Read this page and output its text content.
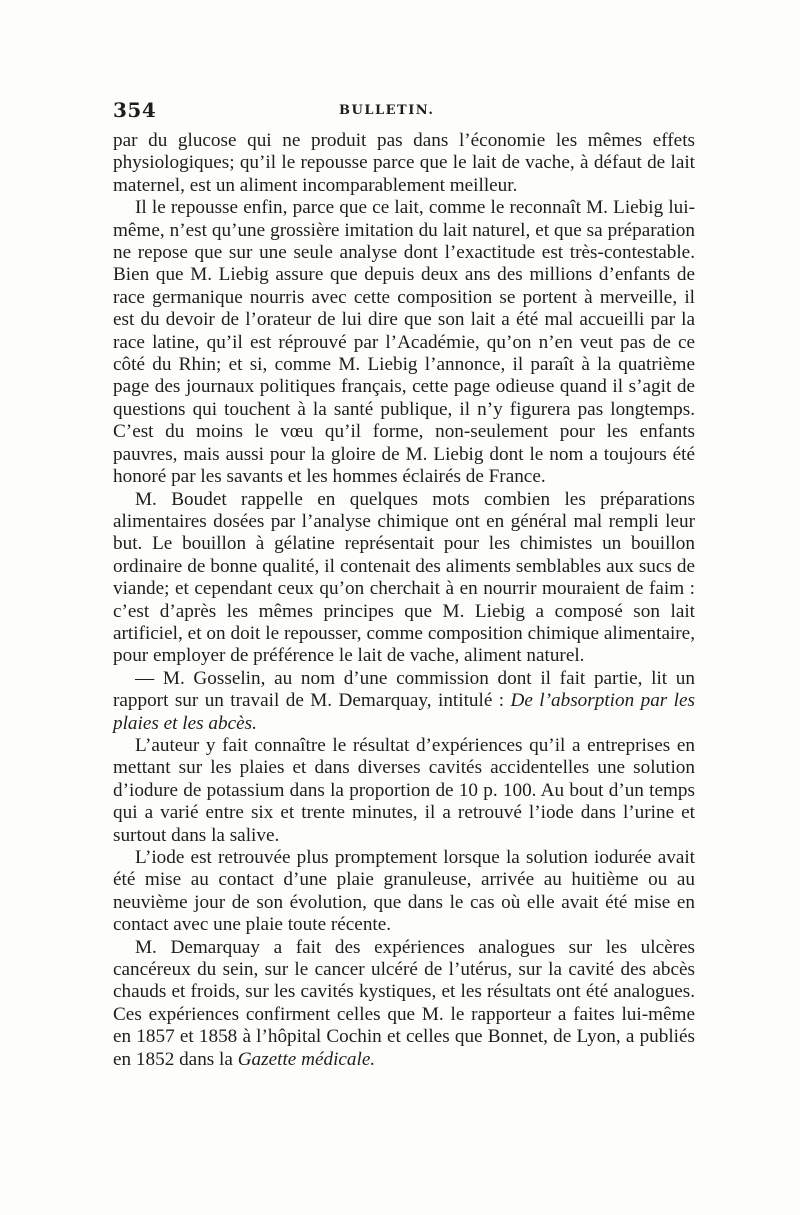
354	BULLETIN.

par du glucose qui ne produit pas dans l’économie les mêmes effets physiologiques; qu’il le repousse parce que le lait de vache, à défaut de lait maternel, est un aliment incomparablement meilleur.

Il le repousse enfin, parce que ce lait, comme le reconnaît M. Liebig lui-même, n’est qu’une grossière imitation du lait naturel, et que sa préparation ne repose que sur une seule analyse dont l’exactitude est très-contestable. Bien que M. Liebig assure que depuis deux ans des millions d’enfants de race germanique nourris avec cette composition se portent à merveille, il est du devoir de l’orateur de lui dire que son lait a été mal accueilli par la race latine, qu’il est réprouvé par l’Académie, qu’on n’en veut pas de ce côté du Rhin; et si, comme M. Liebig l’annonce, il paraît à la quatrième page des journaux politiques français, cette page odieuse quand il s’agit de questions qui touchent à la santé publique, il n’y figurera pas longtemps. C’est du moins le vœu qu’il forme, non-seulement pour les enfants pauvres, mais aussi pour la gloire de M. Liebig dont le nom a toujours été honoré par les savants et les hommes éclairés de France.

M. Boudet rappelle en quelques mots combien les préparations alimentaires dosées par l’analyse chimique ont en général mal rempli leur but. Le bouillon à gélatine représentait pour les chimistes un bouillon ordinaire de bonne qualité, il contenait des aliments semblables aux sucs de viande; et cependant ceux qu’on cherchait à en nourrir mouraient de faim : c’est d’après les mêmes principes que M. Liebig a composé son lait artificiel, et on doit le repousser, comme composition chimique alimentaire, pour employer de préférence le lait de vache, aliment naturel.

— M. Gosselin, au nom d’une commission dont il fait partie, lit un rapport sur un travail de M. Demarquay, intitulé : De l’absorption par les plaies et les abcès.

L’auteur y fait connaître le résultat d’expériences qu’il a entreprises en mettant sur les plaies et dans diverses cavités accidentelles une solution d’iodure de potassium dans la proportion de 10 p. 100. Au bout d’un temps qui a varié entre six et trente minutes, il a retrouvé l’iode dans l’urine et surtout dans la salive.

L’iode est retrouvée plus promptement lorsque la solution iodurée avait été mise au contact d’une plaie granuleuse, arrivée au huitième ou au neuvième jour de son évolution, que dans le cas où elle avait été mise en contact avec une plaie toute récente.

M. Demarquay a fait des expériences analogues sur les ulcères cancéreux du sein, sur le cancer ulcéré de l’utérus, sur la cavité des abcès chauds et froids, sur les cavités kystiques, et les résultats ont été analogues. Ces expériences confirment celles que M. le rapporteur a faites lui-même en 1857 et 1858 à l’hôpital Cochin et celles que Bonnet, de Lyon, a publiés en 1852 dans la Gazette médicale.
